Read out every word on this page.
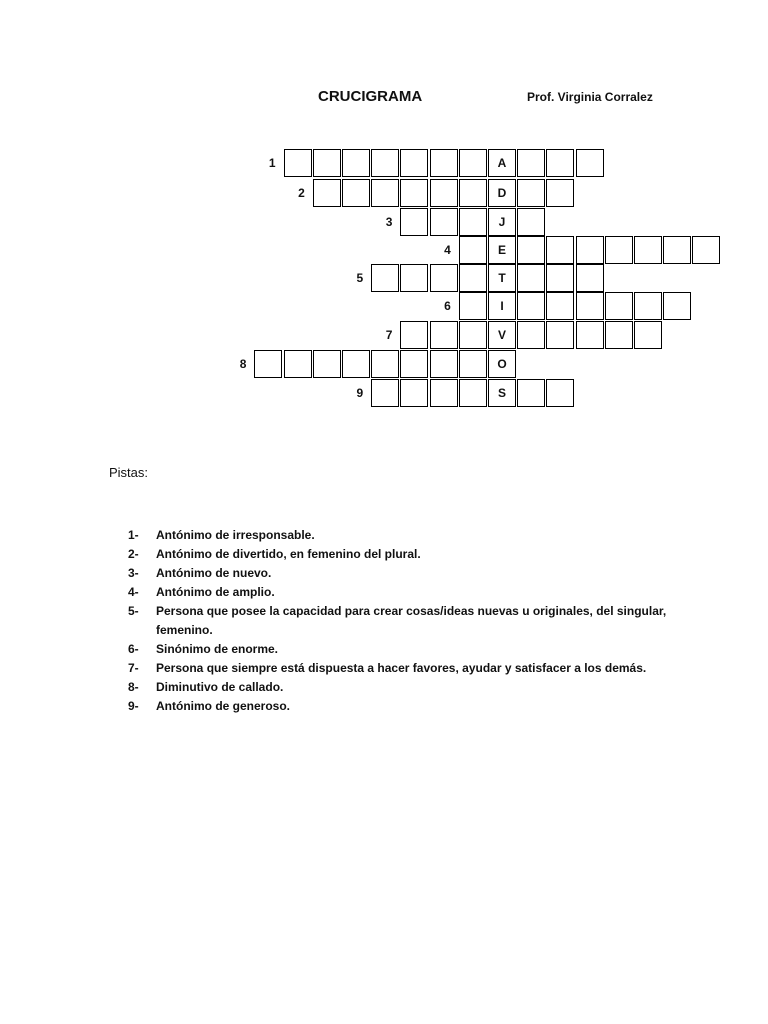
CRUCIGRAMA	Prof. Virginia Corralez
1	A
2	D
3	J
4	E
5	T
6	I
7	V
8	O
9	S
Pistas:
1-	Antónimo de irresponsable.
2-	Antónimo de divertido, en femenino del plural.
3-	Antónimo de nuevo.
4-	Antónimo de amplio.
5-	Persona que posee la capacidad para crear cosas/ideas nuevas u originales, del singular, femenino.
6-	Sinónimo de enorme.
7-	Persona que siempre está dispuesta a hacer favores, ayudar y satisfacer a los demás.
8-	Diminutivo de callado.
9-	Antónimo de generoso.
